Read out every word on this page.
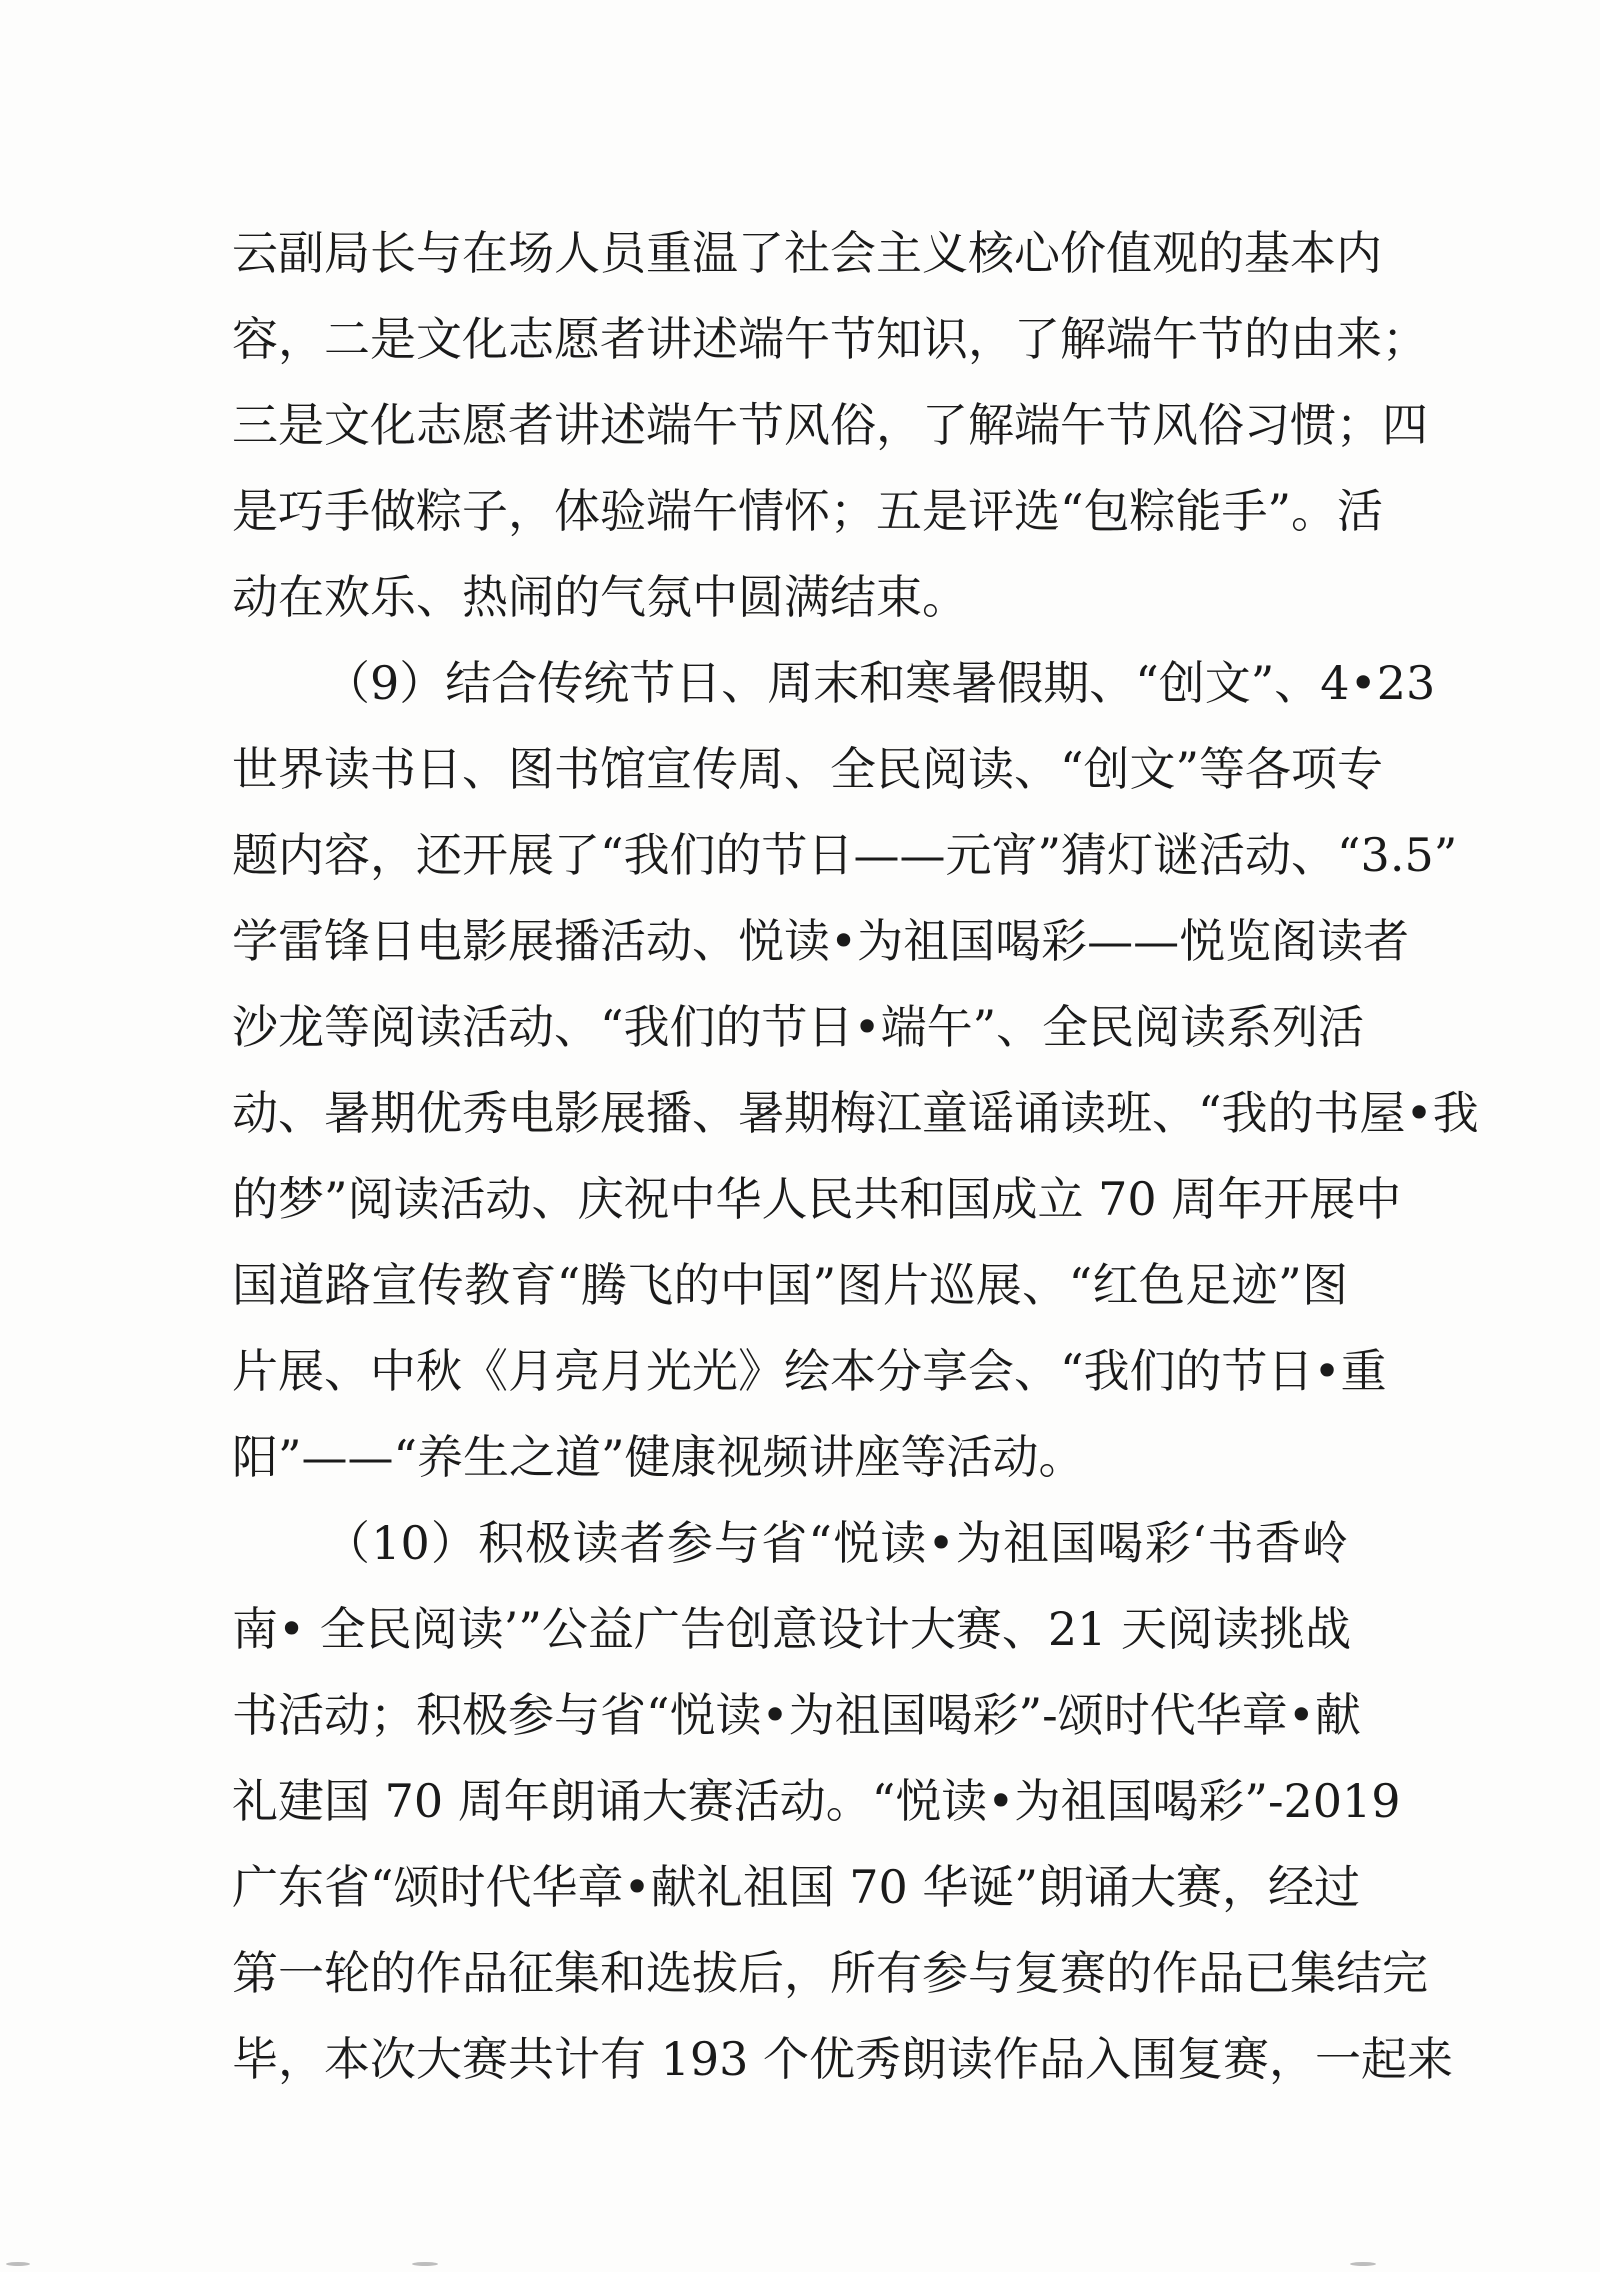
云副局长与在场人员重温了社会主义核心价值观的基本内
容，二是文化志愿者讲述端午节知识，了解端午节的由来；
三是文化志愿者讲述端午节风俗，了解端午节风俗习惯；四
是巧手做粽子，体验端午情怀；五是评选“包粽能手”。活
动在欢乐、热闹的气氛中圆满结束。
（9）结合传统节日、周末和寒暑假期、“创文”、4•23
世界读书日、图书馆宣传周、全民阅读、“创文”等各项专
题内容，还开展了“我们的节日——元宵”猜灯谜活动、“3.5”
学雷锋日电影展播活动、悦读•为祖国喝彩——悦览阁读者
沙龙等阅读活动、“我们的节日•端午”、全民阅读系列活
动、暑期优秀电影展播、暑期梅江童谣诵读班、“我的书屋•我
的梦”阅读活动、庆祝中华人民共和国成立 70 周年开展中
国道路宣传教育“腾飞的中国”图片巡展、“红色足迹”图
片展、中秋《月亮月光光》绘本分享会、“我们的节日•重
阳”——“养生之道”健康视频讲座等活动。
（10）积极读者参与省“悦读•为祖国喝彩‘书香岭
南• 全民阅读’”公益广告创意设计大赛、21 天阅读挑战
书活动；积极参与省“悦读•为祖国喝彩”-颂时代华章•献
礼建国 70 周年朗诵大赛活动。“悦读•为祖国喝彩”-2019
广东省“颂时代华章•献礼祖国 70 华诞”朗诵大赛，经过
第一轮的作品征集和选拔后，所有参与复赛的作品已集结完
毕，本次大赛共计有 193 个优秀朗读作品入围复赛，一起来
